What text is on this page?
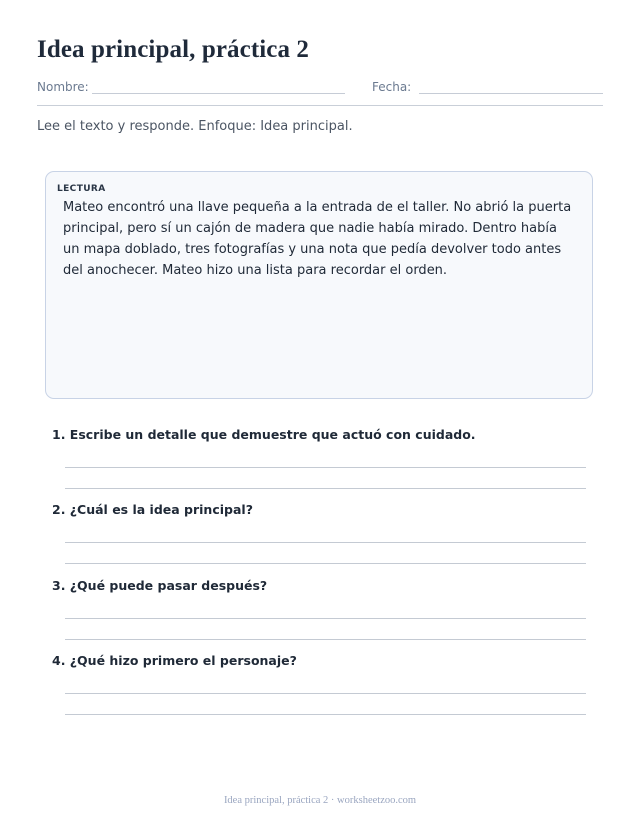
Idea principal, práctica 2
Nombre:	Fecha:
Lee el texto y responde. Enfoque: Idea principal.
LECTURA

Mateo encontró una llave pequeña a la entrada de el taller. No abrió la puerta principal, pero sí un cajón de madera que nadie había mirado. Dentro había un mapa doblado, tres fotografías y una nota que pedía devolver todo antes del anochecer. Mateo hizo una lista para recordar el orden.

1. Escribe un detalle que demuestre que actuó con cuidado.

2. ¿Cuál es la idea principal?

3. ¿Qué puede pasar después?

4. ¿Qué hizo primero el personaje?

Idea principal, práctica 2 · worksheetzoo.com
